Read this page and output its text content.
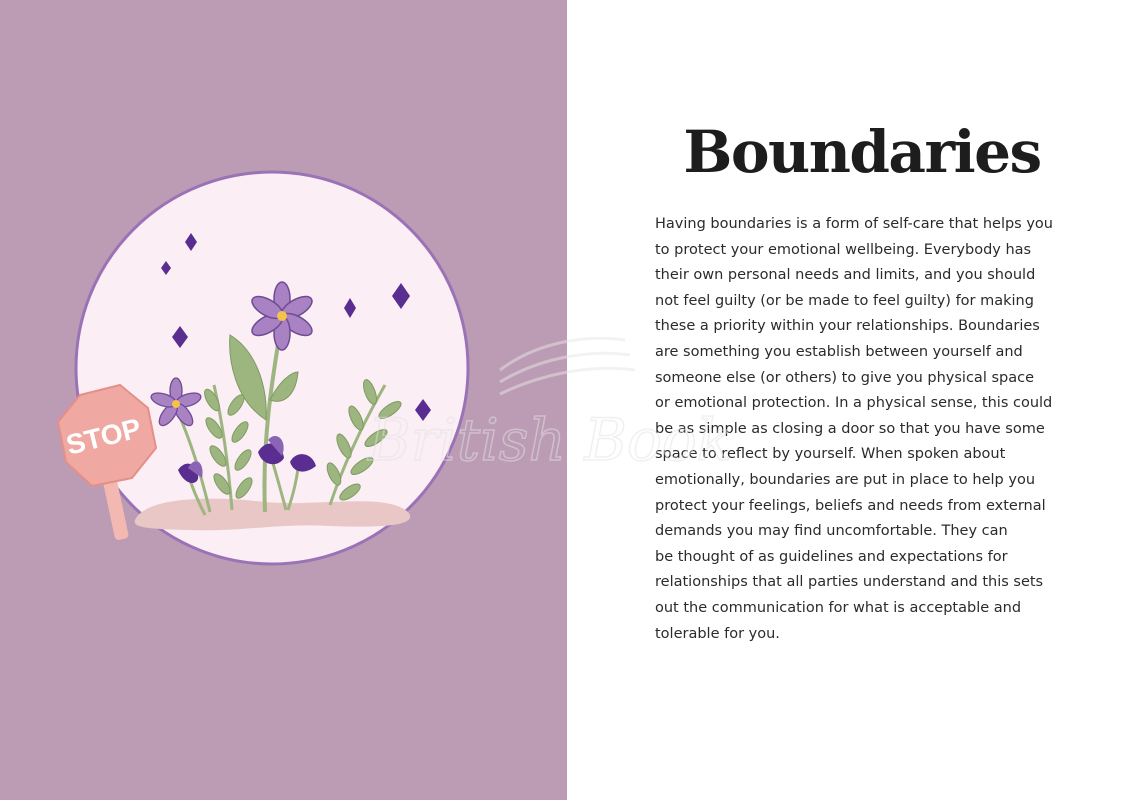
STOP
Boundaries

Having boundaries is a form of self-care that helps you
to protect your emotional wellbeing. Everybody has
their own personal needs and limits, and you should
not feel guilty (or be made to feel guilty) for making
these a priority within your relationships. Boundaries
are something you establish between yourself and
someone else (or others) to give you physical space
or emotional protection. In a physical sense, this could
be as simple as closing a door so that you have some
space to reflect by yourself. When spoken about
emotionally, boundaries are put in place to help you
protect your feelings, beliefs and needs from external
demands you may find uncomfortable. They can
be thought of as guidelines and expectations for
relationships that all parties understand and this sets
out the communication for what is acceptable and
tolerable for you.

British Book
